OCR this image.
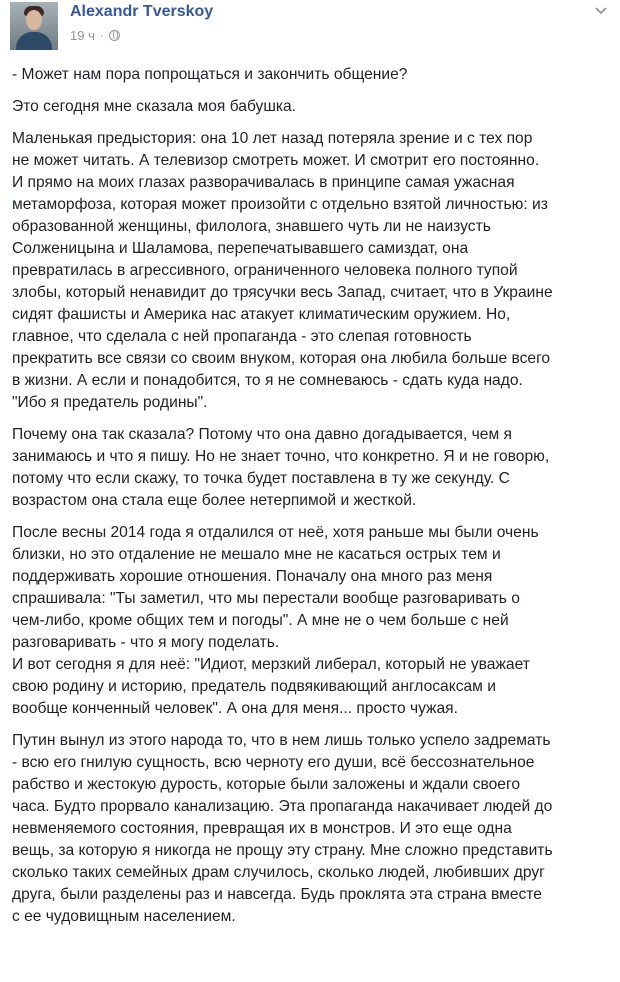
Alexandr Tverskoy
19 ч ·

- Может нам пора попрощаться и закончить общение?

Это сегодня мне сказала моя бабушка.

Маленькая предыстория: она 10 лет назад потеряла зрение и с тех пор
не может читать. А телевизор смотреть может. И смотрит его постоянно.
И прямо на моих глазах разворачивалась в принципе самая ужасная
метаморфоза, которая может произойти с отдельно взятой личностью: из
образованной женщины, филолога, знавшего чуть ли не наизусть
Солженицына и Шаламова, перепечатывавшего самиздат, она
превратилась в агрессивного, ограниченного человека полного тупой
злобы, который ненавидит до трясучки весь Запад, считает, что в Украине
сидят фашисты и Америка нас атакует климатическим оружием. Но,
главное, что сделала с ней пропаганда - это слепая готовность
прекратить все связи со своим внуком, которая она любила больше всего
в жизни. А если и понадобится, то я не сомневаюсь - сдать куда надо.
"Ибо я предатель родины".

Почему она так сказала? Потому что она давно догадывается, чем я
занимаюсь и что я пишу. Но не знает точно, что конкретно. Я и не говорю,
потому что если скажу, то точка будет поставлена в ту же секунду. С
возрастом она стала еще более нетерпимой и жесткой.

После весны 2014 года я отдалился от неё, хотя раньше мы были очень
близки, но это отдаление не мешало мне не касаться острых тем и
поддерживать хорошие отношения. Поначалу она много раз меня
спрашивала: "Ты заметил, что мы перестали вообще разговаривать о
чем-либо, кроме общих тем и погоды". А мне не о чем больше с ней
разговаривать - что я могу поделать.

И вот сегодня я для неё: "Идиот, мерзкий либерал, который не уважает
свою родину и историю, предатель подвякивающий англосаксам и
вообще конченный человек". А она для меня... просто чужая.

Путин вынул из этого народа то, что в нем лишь только успело задремать
- всю его гнилую сущность, всю черноту его души, всё бессознательное
рабство и жестокую дурость, которые были заложены и ждали своего
часа. Будто прорвало канализацию. Эта пропаганда накачивает людей до
невменяемого состояния, превращая их в монстров. И это еще одна
вещь, за которую я никогда не прощу эту страну. Мне сложно представить
сколько таких семейных драм случилось, сколько людей, любивших друг
друга, были разделены раз и навсегда. Будь проклята эта страна вместе
с ее чудовищным населением.
